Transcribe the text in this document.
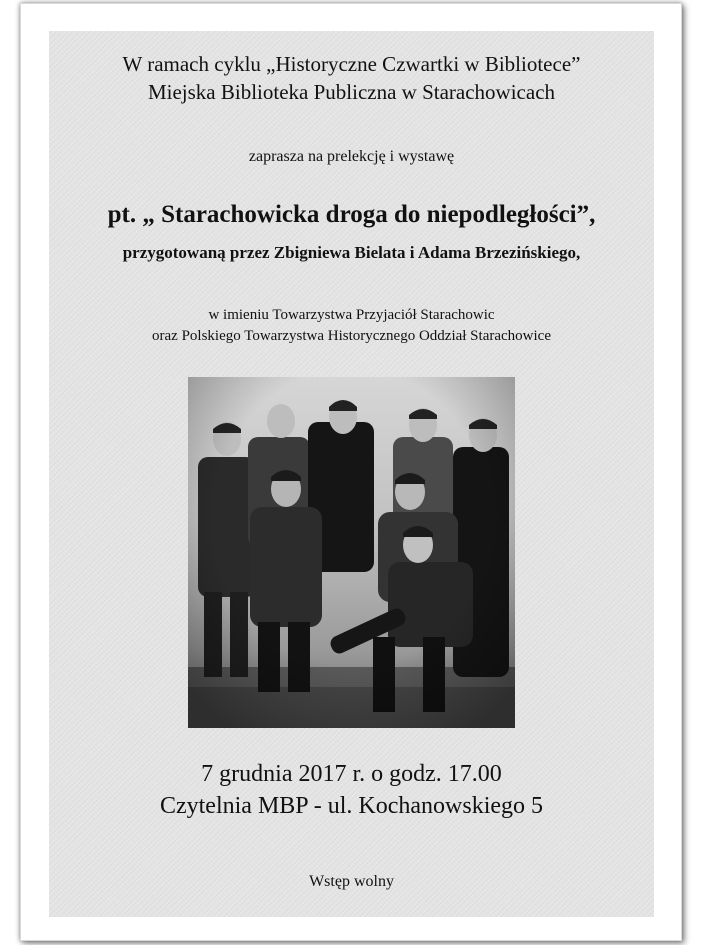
W ramach cyklu „Historyczne Czwartki w Bibliotece”
Miejska Biblioteka Publiczna w Starachowicach
zaprasza na prelekcję i wystawę
pt. „ Starachowicka droga do niepodległości”,
przygotowaną przez Zbigniewa Bielata i Adama Brzezińskiego,
w imieniu Towarzystwa Przyjaciół Starachowic
oraz Polskiego Towarzystwa Historycznego Oddział Starachowice
7 grudnia 2017 r. o godz. 17.00
Czytelnia MBP - ul. Kochanowskiego 5
Wstęp wolny
